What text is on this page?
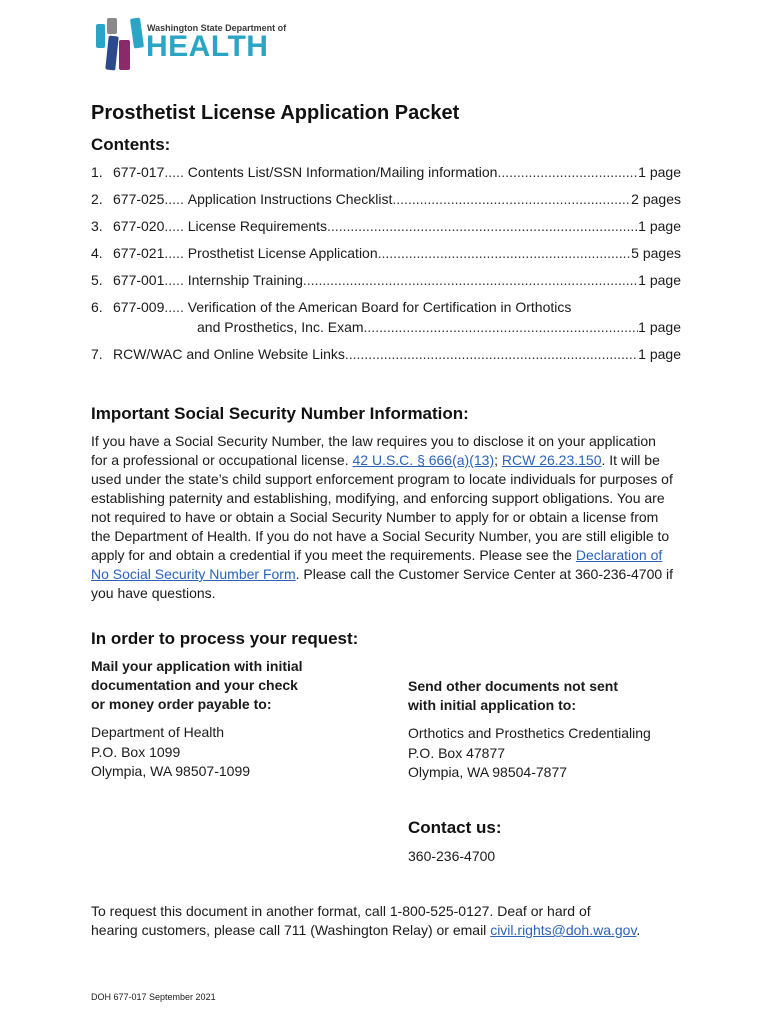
Washington State Department of
HEALTH
Prosthetist License Application Packet
Contents:
1. 677-017 ..... Contents List/SSN Information/Mailing information .....	1 page
2. 677-025 ..... Application Instructions Checklist .....	2 pages
3. 677-020 ..... License Requirements .....	1 page
4. 677-021 ..... Prosthetist License Application .....	5 pages
5. 677-001 ..... Internship Training .....	1 page
6. 677-009 ..... Verification of the American Board for Certification in Orthotics
and Prosthetics, Inc. Exam .....	1 page
7. RCW/WAC and Online Website Links .....	1 page
Important Social Security Number Information:
If you have a Social Security Number, the law requires you to disclose it on your application for a professional or occupational license. 42 U.S.C. § 666(a)(13); RCW 26.23.150. It will be used under the state’s child support enforcement program to locate individuals for purposes of establishing paternity and establishing, modifying, and enforcing support obligations. You are not required to have or obtain a Social Security Number to apply for or obtain a license from the Department of Health. If you do not have a Social Security Number, you are still eligible to apply for and obtain a credential if you meet the requirements. Please see the Declaration of No Social Security Number Form. Please call the Customer Service Center at 360-236-4700 if you have questions.
In order to process your request:
Mail your application with initial
documentation and your check
or money order payable to:
Department of Health
P.O. Box 1099
Olympia, WA 98507-1099
Send other documents not sent
with initial application to:
Orthotics and Prosthetics Credentialing
P.O. Box 47877
Olympia, WA 98504-7877
Contact us:
360-236-4700
To request this document in another format, call 1-800-525-0127. Deaf or hard of hearing customers, please call 711 (Washington Relay) or email civil.rights@doh.wa.gov.
DOH 677-017 September 2021
